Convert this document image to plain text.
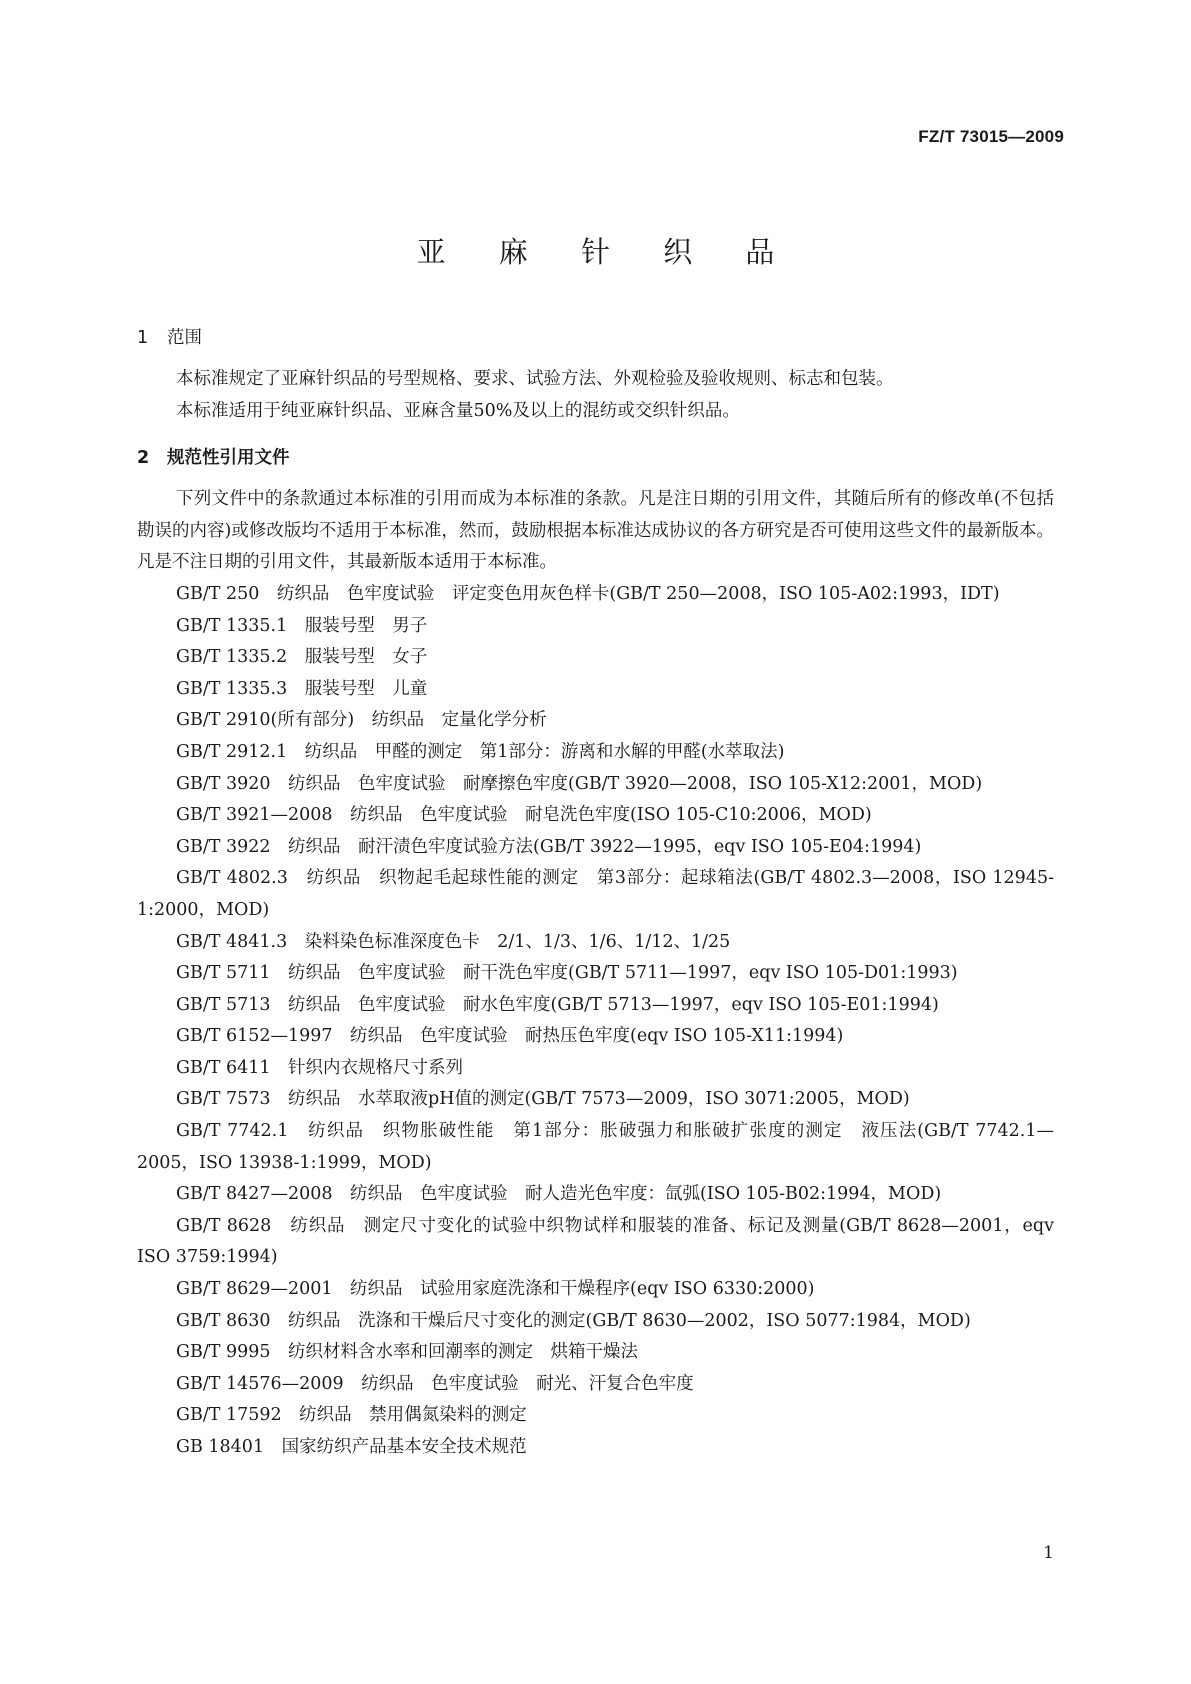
FZ/T 73015—2009
亚 麻 针 织 品
1 范围
本标准规定了亚麻针织品的号型规格、要求、试验方法、外观检验及验收规则、标志和包装。
本标准适用于纯亚麻针织品、亚麻含量50%及以上的混纺或交织针织品。
2 规范性引用文件
下列文件中的条款通过本标准的引用而成为本标准的条款。凡是注日期的引用文件，其随后所有的修改单(不包括勘误的内容)或修改版均不适用于本标准，然而，鼓励根据本标准达成协议的各方研究是否可使用这些文件的最新版本。凡是不注日期的引用文件，其最新版本适用于本标准。
GB/T 250　 纺织品　色牢度试验　评定变色用灰色样卡(GB/T 250—2008，ISO 105-A02:1993，IDT)
GB/T 1335.1　 服装号型　男子
GB/T 1335.2　 服装号型　女子
GB/T 1335.3　 服装号型　儿童
GB/T 2910(所有部分)　 纺织品　定量化学分析
GB/T 2912.1　 纺织品　甲醛的测定　第1部分：游离和水解的甲醛(水萃取法)
GB/T 3920　 纺织品　色牢度试验　耐摩擦色牢度(GB/T 3920—2008，ISO 105-X12:2001，MOD)
GB/T 3921—2008　 纺织品　色牢度试验　耐皂洗色牢度(ISO 105-C10:2006，MOD)
GB/T 3922　 纺织品　耐汗渍色牢度试验方法(GB/T 3922—1995，eqv ISO 105-E04:1994)
GB/T 4802.3　 纺织品　织物起毛起球性能的测定　第3部分：起球箱法(GB/T 4802.3—2008，ISO 12945-1:2000，MOD)
GB/T 4841.3　 染料染色标准深度色卡　2/1、1/3、1/6、1/12、1/25
GB/T 5711　 纺织品　色牢度试验　耐干洗色牢度(GB/T 5711—1997，eqv ISO 105-D01:1993)
GB/T 5713　 纺织品　色牢度试验　耐水色牢度(GB/T 5713—1997，eqv ISO 105-E01:1994)
GB/T 6152—1997　 纺织品　色牢度试验　耐热压色牢度(eqv ISO 105-X11:1994)
GB/T 6411　 针织内衣规格尺寸系列
GB/T 7573　 纺织品　水萃取液pH值的测定(GB/T 7573—2009，ISO 3071:2005，MOD)
GB/T 7742.1　 纺织品　织物胀破性能　第1部分：胀破强力和胀破扩张度的测定　液压法(GB/T 7742.1—2005，ISO 13938-1:1999，MOD)
GB/T 8427—2008　 纺织品　色牢度试验　耐人造光色牢度：氙弧(ISO 105-B02:1994，MOD)
GB/T 8628　 纺织品　测定尺寸变化的试验中织物试样和服装的准备、标记及测量(GB/T 8628—2001，eqv ISO 3759:1994)
GB/T 8629—2001　 纺织品　试验用家庭洗涤和干燥程序(eqv ISO 6330:2000)
GB/T 8630　 纺织品　洗涤和干燥后尺寸变化的测定(GB/T 8630—2002，ISO 5077:1984，MOD)
GB/T 9995　 纺织材料含水率和回潮率的测定　烘箱干燥法
GB/T 14576—2009　 纺织品　色牢度试验　耐光、汗复合色牢度
GB/T 17592　 纺织品　禁用偶氮染料的测定
GB 18401　 国家纺织产品基本安全技术规范
1
